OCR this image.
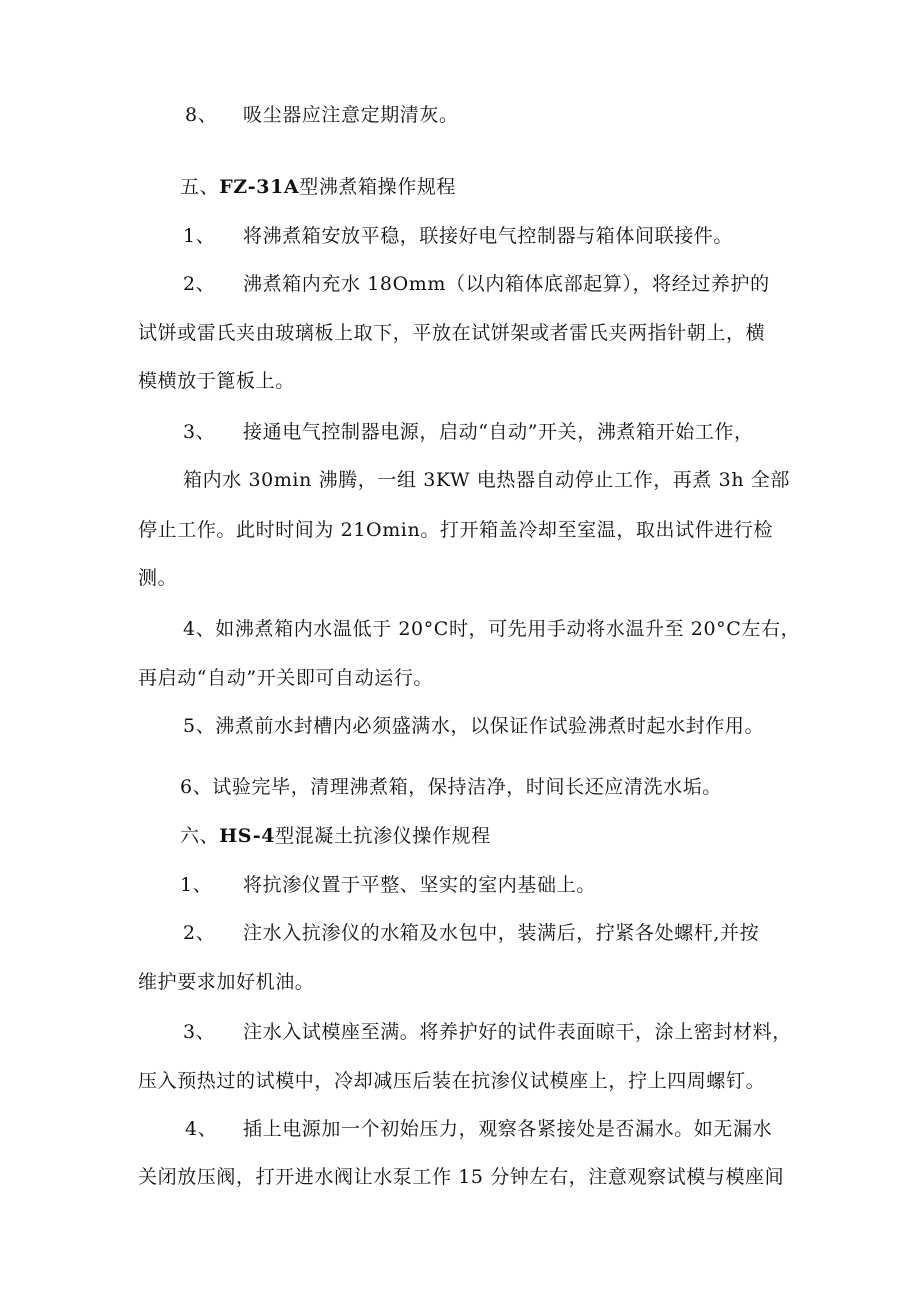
8、 吸尘器应注意定期清灰。
五、FZ-31A型沸煮箱操作规程
1、 将沸煮箱安放平稳，联接好电气控制器与箱体间联接件。
2、 沸煮箱内充水 18Omm（以内箱体底部起算），将经过养护的
试饼或雷氏夹由玻璃板上取下，平放在试饼架或者雷氏夹两指针朝上，横
模横放于篦板上。
3、 接通电气控制器电源，启动“自动”开关，沸煮箱开始工作，
箱内水 30min 沸腾，一组 3KW 电热器自动停止工作，再煮 3h 全部
停止工作。此时时间为 21Omin。打开箱盖冷却至室温，取出试件进行检
测。
4、如沸煮箱内水温低于 20°C时，可先用手动将水温升至 20°C左右，
再启动“自动”开关即可自动运行。
5、沸煮前水封槽内必须盛满水，以保证作试验沸煮时起水封作用。
6、试验完毕，清理沸煮箱，保持洁净，时间长还应清洗水垢。
六、HS-4型混凝土抗渗仪操作规程
1、 将抗渗仪置于平整、坚实的室内基础上。
2、 注水入抗渗仪的水箱及水包中，装满后，拧紧各处螺杆,并按
维护要求加好机油。
3、 注水入试模座至满。将养护好的试件表面晾干，涂上密封材料，
压入预热过的试模中，冷却减压后装在抗渗仪试模座上，拧上四周螺钉。
4、 插上电源加一个初始压力，观察各紧接处是否漏水。如无漏水
关闭放压阀，打开进水阀让水泵工作 15 分钟左右，注意观察试模与模座间
